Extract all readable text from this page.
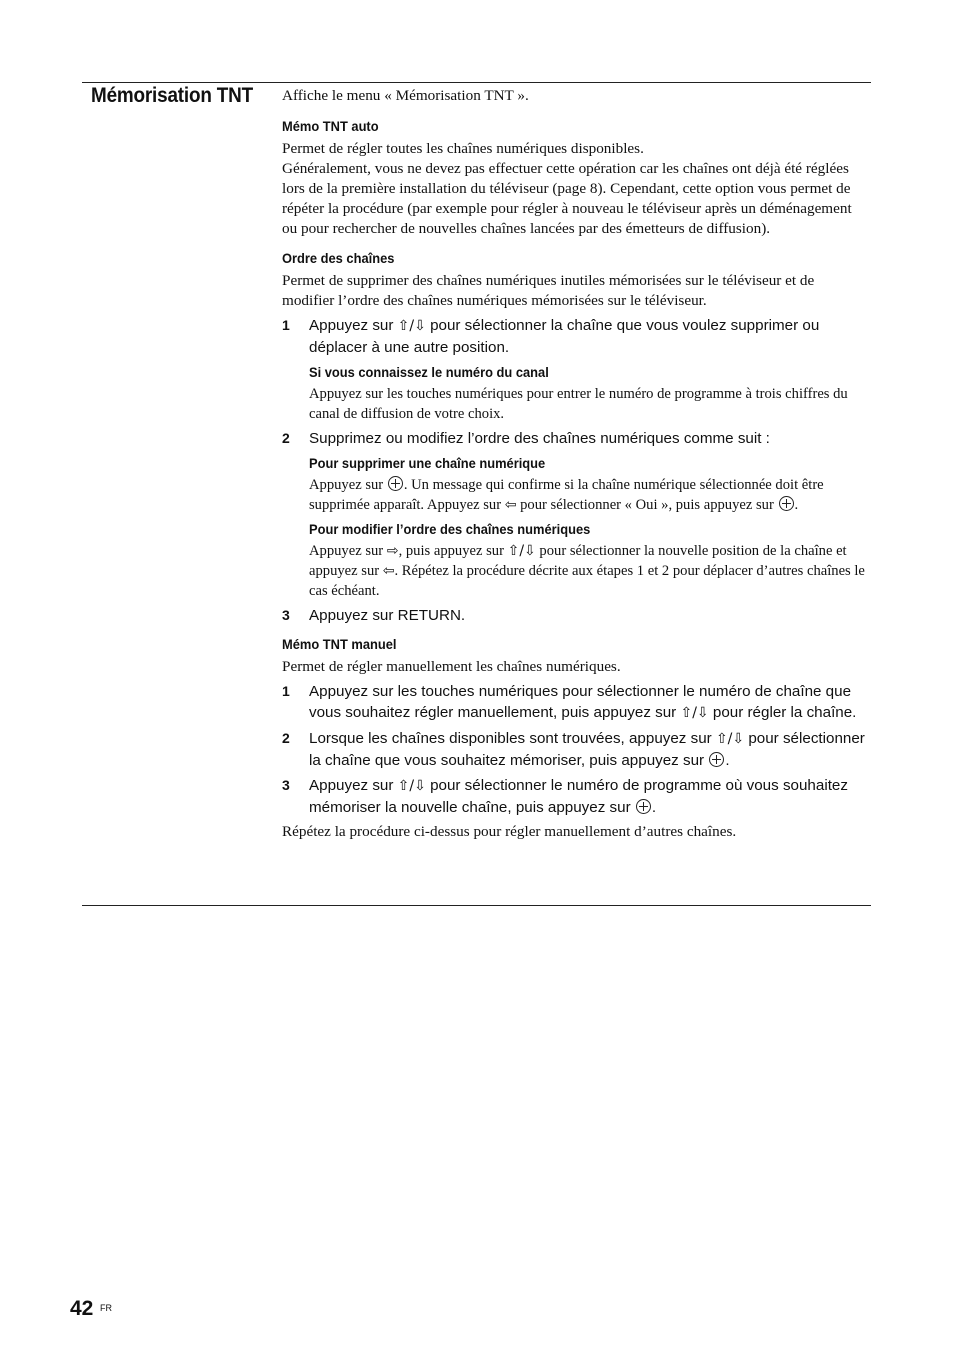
Mémorisation TNT Affiche le menu « Mémorisation TNT ».

Mémo TNT auto

Permet de régler toutes les chaînes numériques disponibles.

Généralement, vous ne devez pas effectuer cette opération car les chaînes ont déjà été réglées lors de la première installation du téléviseur (page 8). Cependant, cette option vous permet de répéter la procédure (par exemple pour régler à nouveau le téléviseur après un déménagement ou pour rechercher de nouvelles chaînes lancées par des émetteurs de diffusion).

Ordre des chaînes

Permet de supprimer des chaînes numériques inutiles mémorisées sur le téléviseur et de modifier l’ordre des chaînes numériques mémorisées sur le téléviseur.

1 Appuyez sur ⇧/⇩ pour sélectionner la chaîne que vous voulez supprimer ou déplacer à une autre position.
Si vous connaissez le numéro du canal

Appuyez sur les touches numériques pour entrer le numéro de programme à trois chiffres du canal de diffusion de votre choix.

2 Supprimez ou modifiez l’ordre des chaînes numériques comme suit :
Pour supprimer une chaîne numérique

Appuyez sur . Un message qui confirme si la chaîne numérique sélectionnée doit être supprimée apparaît. Appuyez sur ⇦ pour sélectionner « Oui », puis appuyez sur .

Pour modifier l’ordre des chaînes numériques

Appuyez sur ⇨, puis appuyez sur ⇧/⇩ pour sélectionner la nouvelle position de la chaîne et appuyez sur ⇦. Répétez la procédure décrite aux étapes 1 et 2 pour déplacer d’autres chaînes le cas échéant.

3 Appuyez sur RETURN.
Mémo TNT manuel

Permet de régler manuellement les chaînes numériques.

1 Appuyez sur les touches numériques pour sélectionner le numéro de chaîne que vous souhaitez régler manuellement, puis appuyez sur ⇧/⇩ pour régler la chaîne.
2 Lorsque les chaînes disponibles sont trouvées, appuyez sur ⇧/⇩ pour sélectionner la chaîne que vous souhaitez mémoriser, puis appuyez sur .
3 Appuyez sur ⇧/⇩ pour sélectionner le numéro de programme où vous souhaitez mémoriser la nouvelle chaîne, puis appuyez sur .

Répétez la procédure ci-dessus pour régler manuellement d’autres chaînes.

42 FR
